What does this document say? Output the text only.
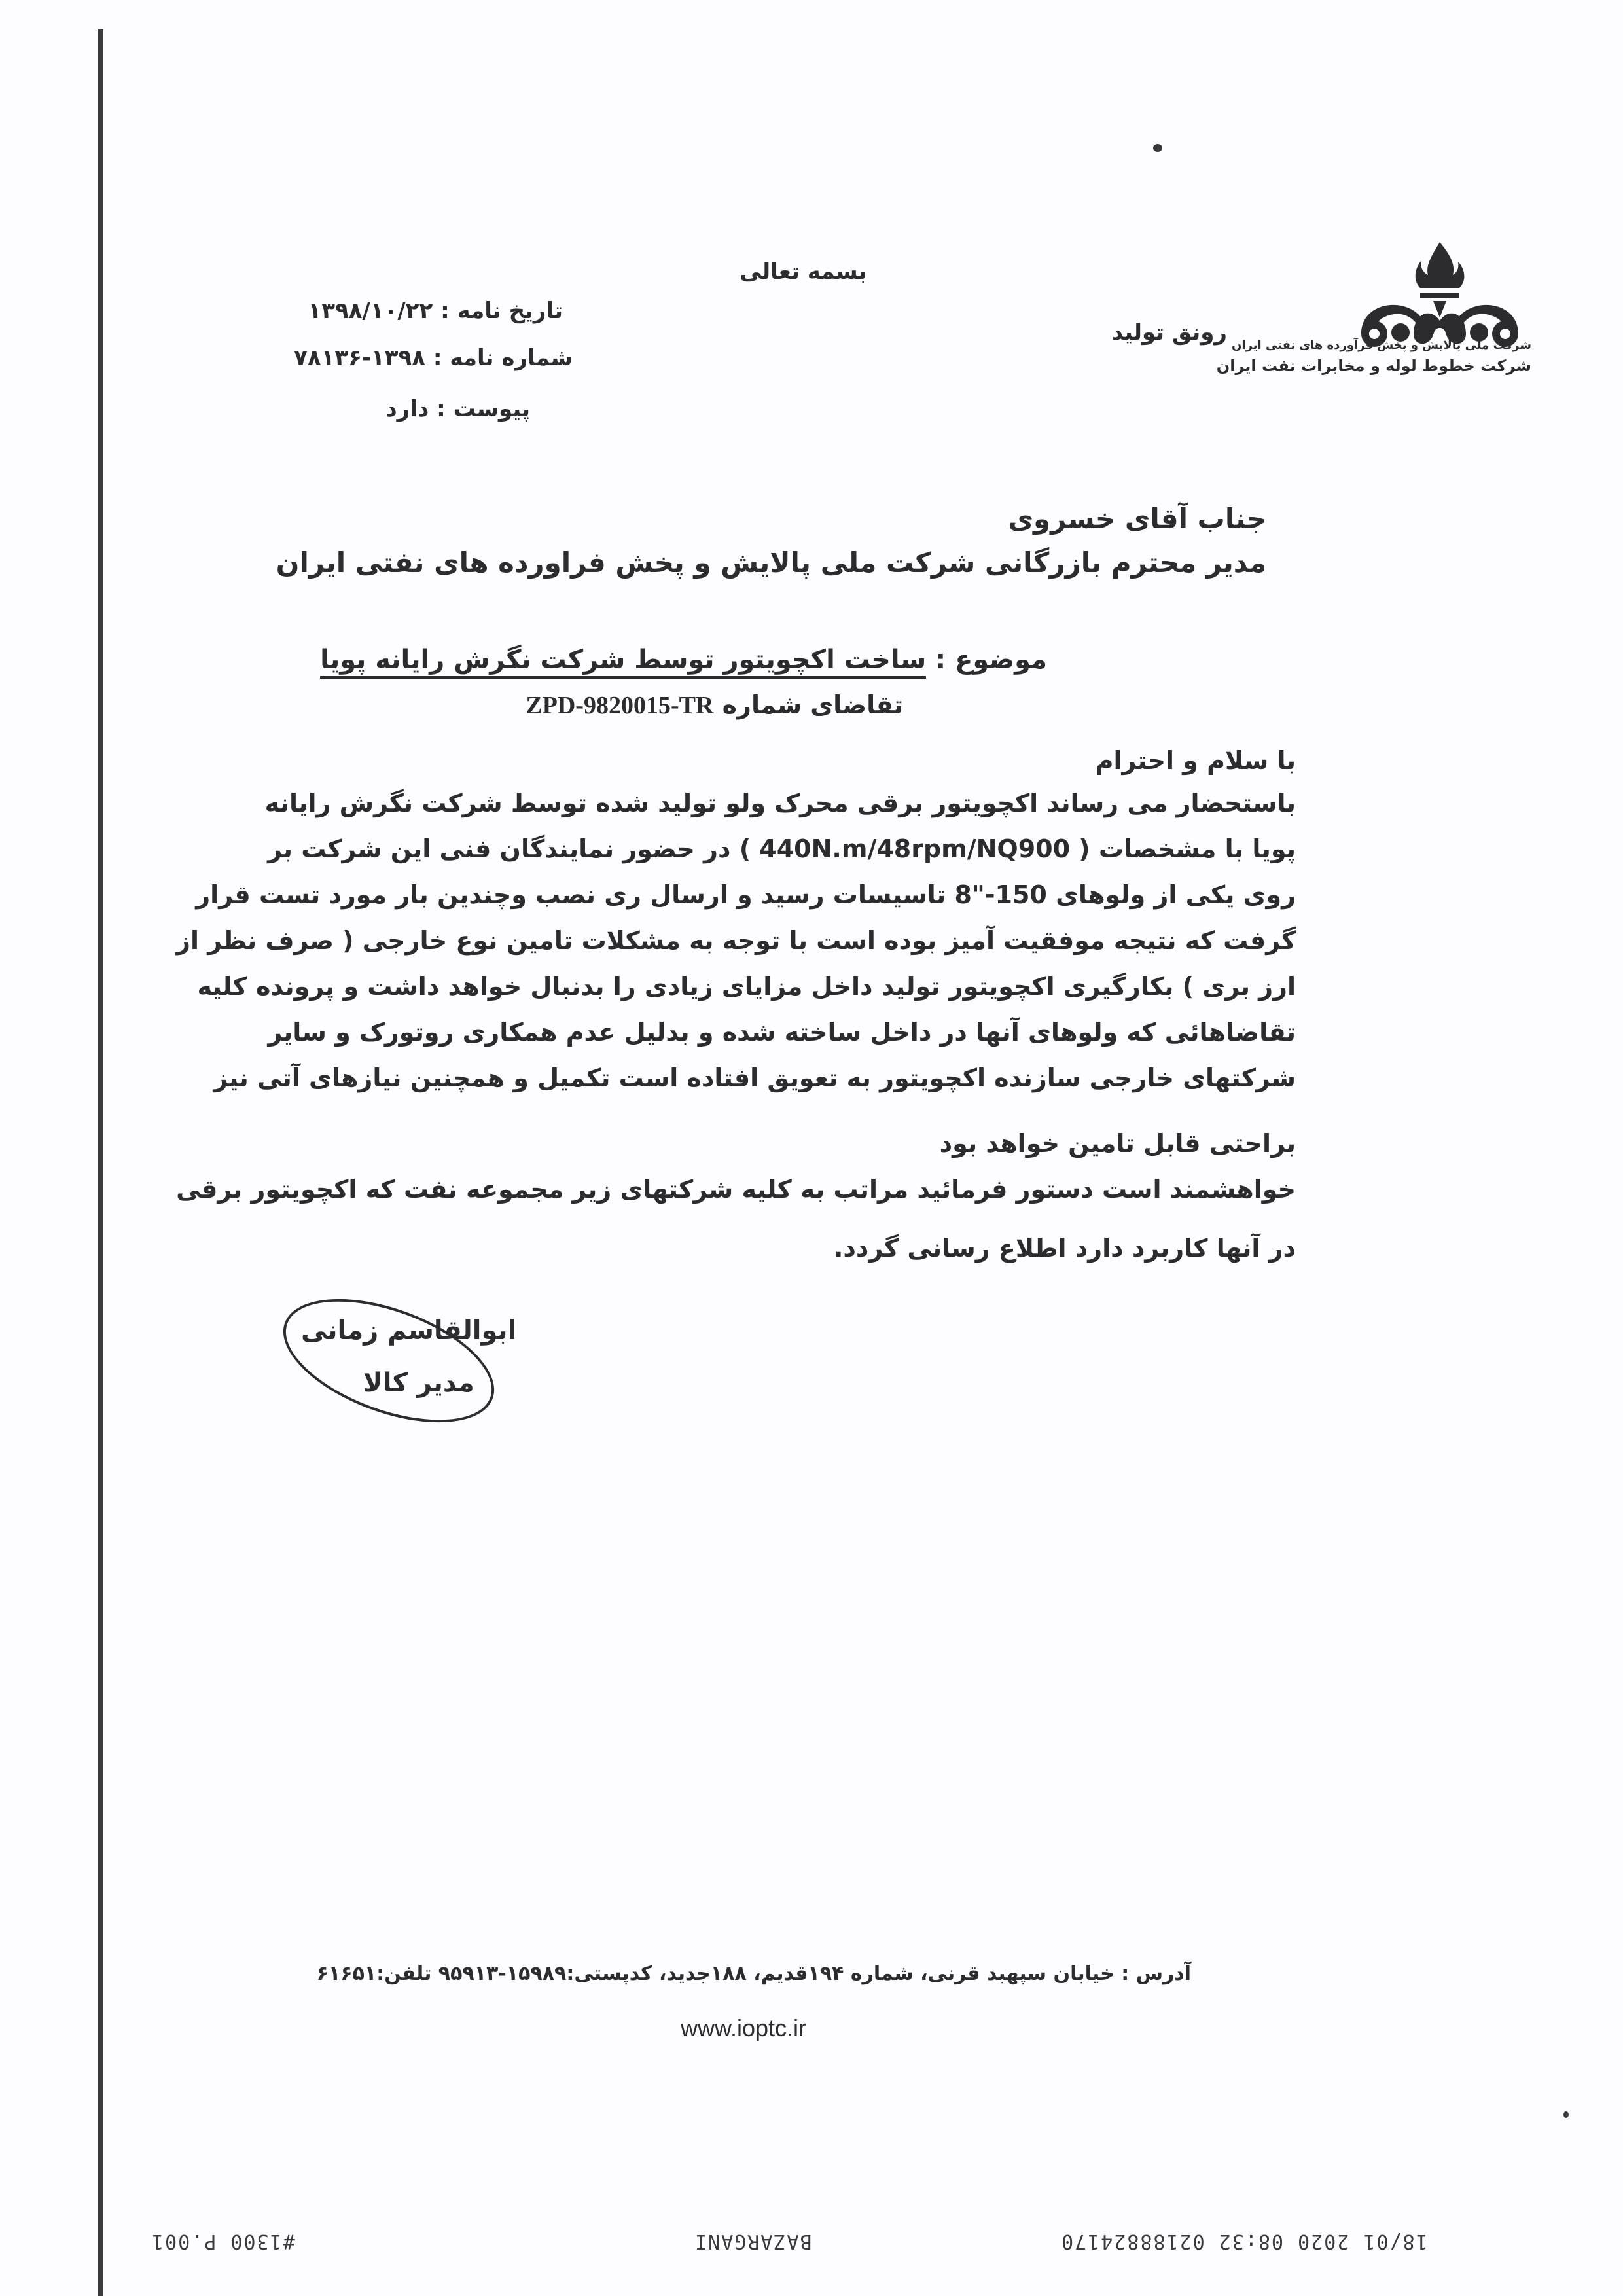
شرکت ملی پالایش و پخش فرآورده های نفتی ایران
شرکت خطوط لوله و مخابرات نفت ایران
رونق تولید
بسمه تعالی
تاریخ نامه : ۱۳۹۸/۱۰/۲۲
شماره نامه : ۱۳۹۸-۷۸۱۳۶
پیوست : دارد
جناب آقای خسروی
مدیر محترم بازرگانی شرکت ملی پالایش و پخش فراورده های نفتی ایران
موضوع : ساخت اکچویتور توسط شرکت نگرش رایانه پویا
تقاضای شماره ZPD-9820015-TR
با سلام و احترام
باستحضار می رساند اکچویتور برقی محرک ولو تولید شده توسط شرکت نگرش رایانه
پویا با مشخصات ( 440N.m/48rpm/NQ900 ) در حضور نمایندگان فنی این شرکت بر
روی یکی از ولوهای 150-"8 تاسیسات رسید و ارسال ری نصب وچندین بار مورد تست قرار
گرفت که نتیجه موفقیت آمیز بوده است با توجه به مشکلات تامین نوع خارجی ( صرف نظر از
ارز بری ) بکارگیری اکچویتور تولید داخل مزایای زیادی را بدنبال خواهد داشت و پرونده کلیه
تقاضاهائی که ولوهای آنها در داخل ساخته شده و بدلیل عدم همکاری روتورک و سایر
شرکتهای خارجی سازنده اکچویتور به تعویق افتاده است تکمیل و همچنین نیازهای آتی نیز
براحتی قابل تامین خواهد بود
خواهشمند است دستور فرمائید مراتب به کلیه شرکتهای زیر مجموعه نفت که اکچویتور برقی
در آنها کاربرد دارد اطلاع رسانی گردد.
ابوالقاسم زمانی
مدیر کالا
آدرس : خیابان سپهبد قرنی، شماره ۱۹۴قدیم، ۱۸۸جدید، کدپستی:۱۵۹۸۹-۹۵۹۱۳ تلفن:۶۱۶۵۱
www.ioptc.ir
#1300 P.001	BAZARGANI	18/01 2020 08:32 02188824170
